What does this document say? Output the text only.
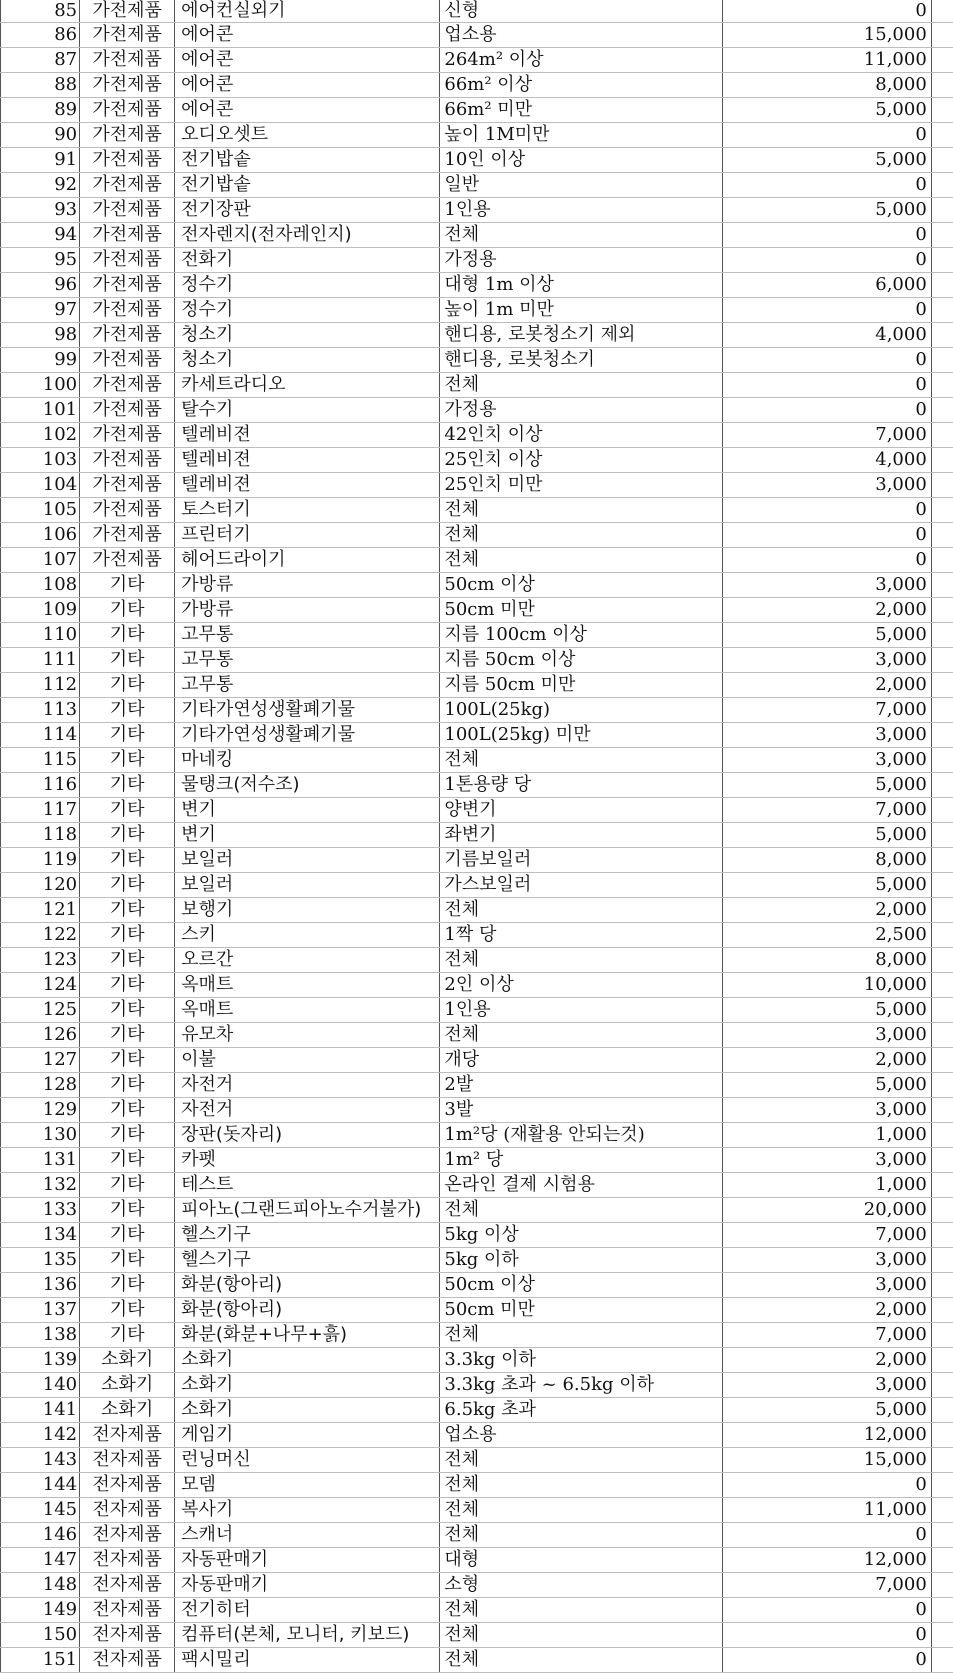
85	가전제품	에어컨실외기	신형	0	
86	가전제품	에어콘	업소용	15,000	
87	가전제품	에어콘	264m² 이상	11,000	
88	가전제품	에어콘	66m² 이상	8,000	
89	가전제품	에어콘	66m² 미만	5,000	
90	가전제품	오디오셋트	높이 1M미만	0	
91	가전제품	전기밥솥	10인 이상	5,000	
92	가전제품	전기밥솥	일반	0	
93	가전제품	전기장판	1인용	5,000	
94	가전제품	전자렌지(전자레인지)	전체	0	
95	가전제품	전화기	가정용	0	
96	가전제품	정수기	대형 1m 이상	6,000	
97	가전제품	정수기	높이 1m 미만	0	
98	가전제품	청소기	핸디용, 로봇청소기 제외	4,000	
99	가전제품	청소기	핸디용, 로봇청소기	0	
100	가전제품	카세트라디오	전체	0	
101	가전제품	탈수기	가정용	0	
102	가전제품	텔레비젼	42인치 이상	7,000	
103	가전제품	텔레비젼	25인치 이상	4,000	
104	가전제품	텔레비젼	25인치 미만	3,000	
105	가전제품	토스터기	전체	0	
106	가전제품	프린터기	전체	0	
107	가전제품	헤어드라이기	전체	0	
108	기타	가방류	50cm 이상	3,000	
109	기타	가방류	50cm 미만	2,000	
110	기타	고무통	지름 100cm 이상	5,000	
111	기타	고무통	지름 50cm 이상	3,000	
112	기타	고무통	지름 50cm 미만	2,000	
113	기타	기타가연성생활폐기물	100L(25kg)	7,000	
114	기타	기타가연성생활폐기물	100L(25kg) 미만	3,000	
115	기타	마네킹	전체	3,000	
116	기타	물탱크(저수조)	1톤용량 당	5,000	
117	기타	변기	양변기	7,000	
118	기타	변기	좌변기	5,000	
119	기타	보일러	기름보일러	8,000	
120	기타	보일러	가스보일러	5,000	
121	기타	보행기	전체	2,000	
122	기타	스키	1짝 당	2,500	
123	기타	오르간	전체	8,000	
124	기타	옥매트	2인 이상	10,000	
125	기타	옥매트	1인용	5,000	
126	기타	유모차	전체	3,000	
127	기타	이불	개당	2,000	
128	기타	자전거	2발	5,000	
129	기타	자전거	3발	3,000	
130	기타	장판(돗자리)	1m²당 (재활용 안되는것)	1,000	
131	기타	카펫	1m² 당	3,000	
132	기타	테스트	온라인 결제 시험용	1,000	
133	기타	피아노(그랜드피아노수거불가)	전체	20,000	
134	기타	헬스기구	5kg 이상	7,000	
135	기타	헬스기구	5kg 이하	3,000	
136	기타	화분(항아리)	50cm 이상	3,000	
137	기타	화분(항아리)	50cm 미만	2,000	
138	기타	화분(화분+나무+흙)	전체	7,000	
139	소화기	소화기	3.3kg 이하	2,000	
140	소화기	소화기	3.3kg 초과 ~ 6.5kg 이하	3,000	
141	소화기	소화기	6.5kg 초과	5,000	
142	전자제품	게임기	업소용	12,000	
143	전자제품	런닝머신	전체	15,000	
144	전자제품	모뎀	전체	0	
145	전자제품	복사기	전체	11,000	
146	전자제품	스캐너	전체	0	
147	전자제품	자동판매기	대형	12,000	
148	전자제품	자동판매기	소형	7,000	
149	전자제품	전기히터	전체	0	
150	전자제품	컴퓨터(본체, 모니터, 키보드)	전체	0	
151	전자제품	팩시밀리	전체	0	
